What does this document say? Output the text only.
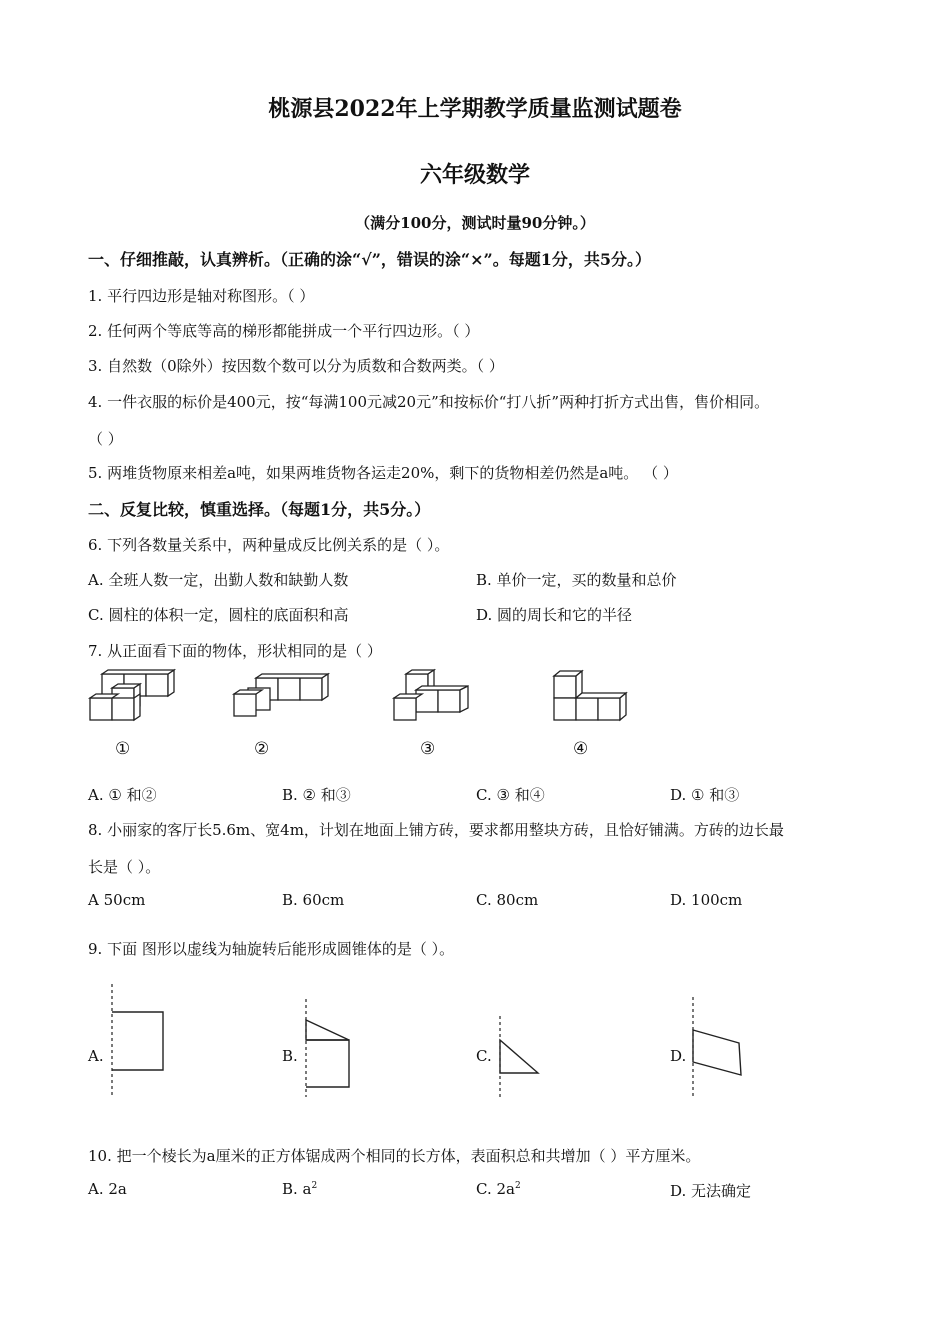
桃源县2022年上学期教学质量监测试题卷
六年级数学
（满分100分，测试时量90分钟。）
一、仔细推敲，认真辨析。（正确的涂“√”，错误的涂“×”。每题1分，共5分。）
1. 平行四边形是轴对称图形。（ ）
2. 任何两个等底等高的梯形都能拼成一个平行四边形。（ ）
3. 自然数（0除外）按因数个数可以分为质数和合数两类。（ ）
4. 一件衣服的标价是400元，按“每满100元减20元”和按标价“打八折”两种打折方式出售，售价相同。
（ ）
5. 两堆货物原来相差a吨，如果两堆货物各运走20%，剩下的货物相差仍然是a吨。 （ ）
二、反复比较，慎重选择。（每题1分，共5分。）
6. 下列各数量关系中，两种量成反比例关系的是（ ）。
A. 全班人数一定，出勤人数和缺勤人数	B. 单价一定，买的数量和总价
C. 圆柱的体积一定，圆柱的底面积和高	D. 圆的周长和它的半径
7. 从正面看下面的物体，形状相同的是（ ）
①	②	③	④
A. ① 和②	B. ② 和③	C. ③ 和④	D. ① 和③
8. 小丽家的客厅长5.6m、宽4m，计划在地面上铺方砖，要求都用整块方砖，且恰好铺满。方砖的边长最
长是（ ）。
A 50cm	B. 60cm	C. 80cm	D. 100cm
9. 下面 图形以虚线为轴旋转后能形成圆锥体的是（ ）。
A.	B.	C.	D.
10. 把一个棱长为a厘米的正方体锯成两个相同的长方体，表面积总和共增加（ ）平方厘米。
A. 2a	B. $a^2$	C. $2a^2$	D. 无法确定
